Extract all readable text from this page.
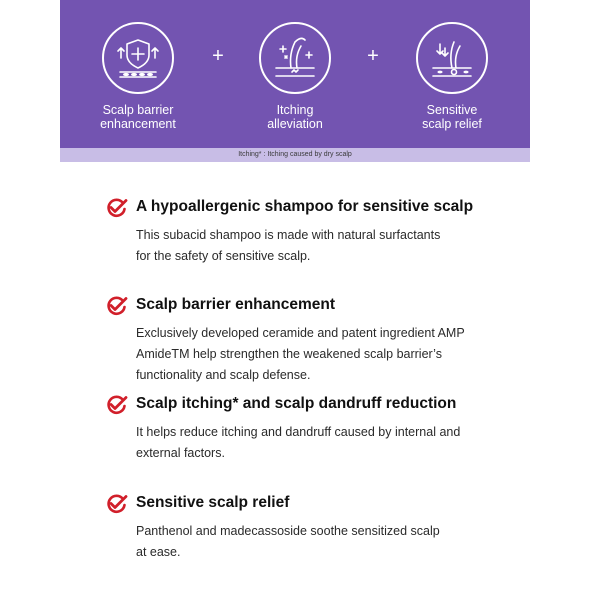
+	+
Scalp barrier
enhancement
Itching
alleviation
Sensitive
scalp relief
Itching* : Itching caused by dry scalp
A hypoallergenic shampoo for sensitive scalp
This subacid shampoo is made with natural surfactants
for the safety of sensitive scalp.
Scalp barrier enhancement
Exclusively developed ceramide and patent ingredient AMP
AmideTM help strengthen the weakened scalp barrier’s
functionality and scalp defense.
Scalp itching* and scalp dandruff reduction
It helps reduce itching and dandruff caused by internal and
external factors.
Sensitive scalp relief
Panthenol and madecassoside soothe sensitized scalp
at ease.
